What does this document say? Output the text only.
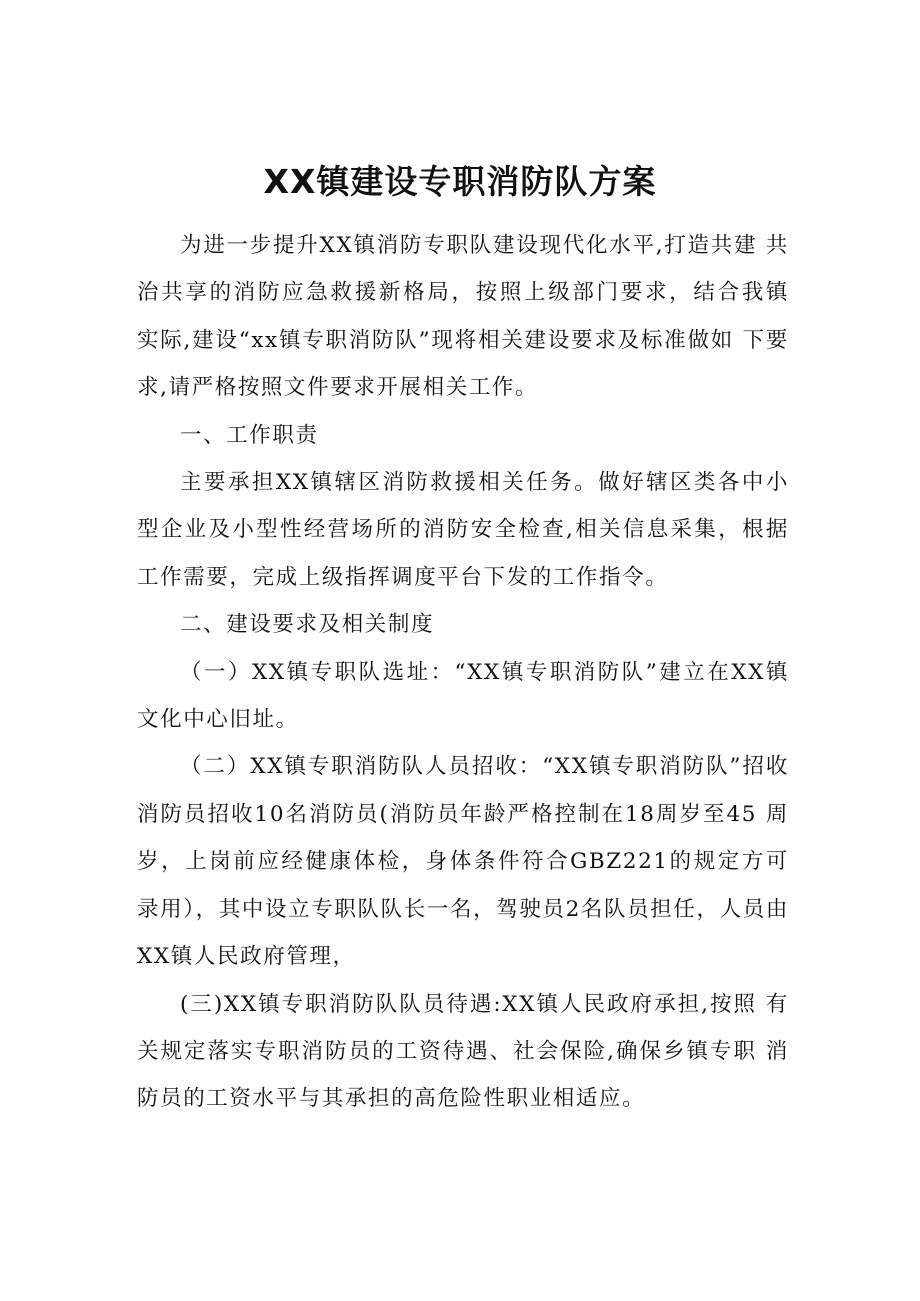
XX镇建设专职消防队方案

为进一步提升XX镇消防专职队建设现代化水平,打造共建 共治共享的消防应急救援新格局，按照上级部门要求，结合我镇 实际,建设“xx镇专职消防队”现将相关建设要求及标准做如 下要求,请严格按照文件要求开展相关工作。

一、工作职责

主要承担XX镇辖区消防救援相关任务。做好辖区类各中小 型企业及小型性经营场所的消防安全检查,相关信息采集，根据 工作需要，完成上级指挥调度平台下发的工作指令。

二、建设要求及相关制度

（一）XX镇专职队选址：“XX镇专职消防队”建立在XX镇文化中心旧址。

（二）XX镇专职消防队人员招收：“XX镇专职消防队”招收消防员招收10名消防员(消防员年龄严格控制在18周岁至45 周岁，上岗前应经健康体检，身体条件符合GBZ221的规定方可　录用），其中设立专职队队长一名，驾驶员2名队员担任，人员由 XX镇人民政府管理，

(三)XX镇专职消防队队员待遇:XX镇人民政府承担,按照 有关规定落实专职消防员的工资待遇、社会保险,确保乡镇专职 消防员的工资水平与其承担的高危险性职业相适应。
